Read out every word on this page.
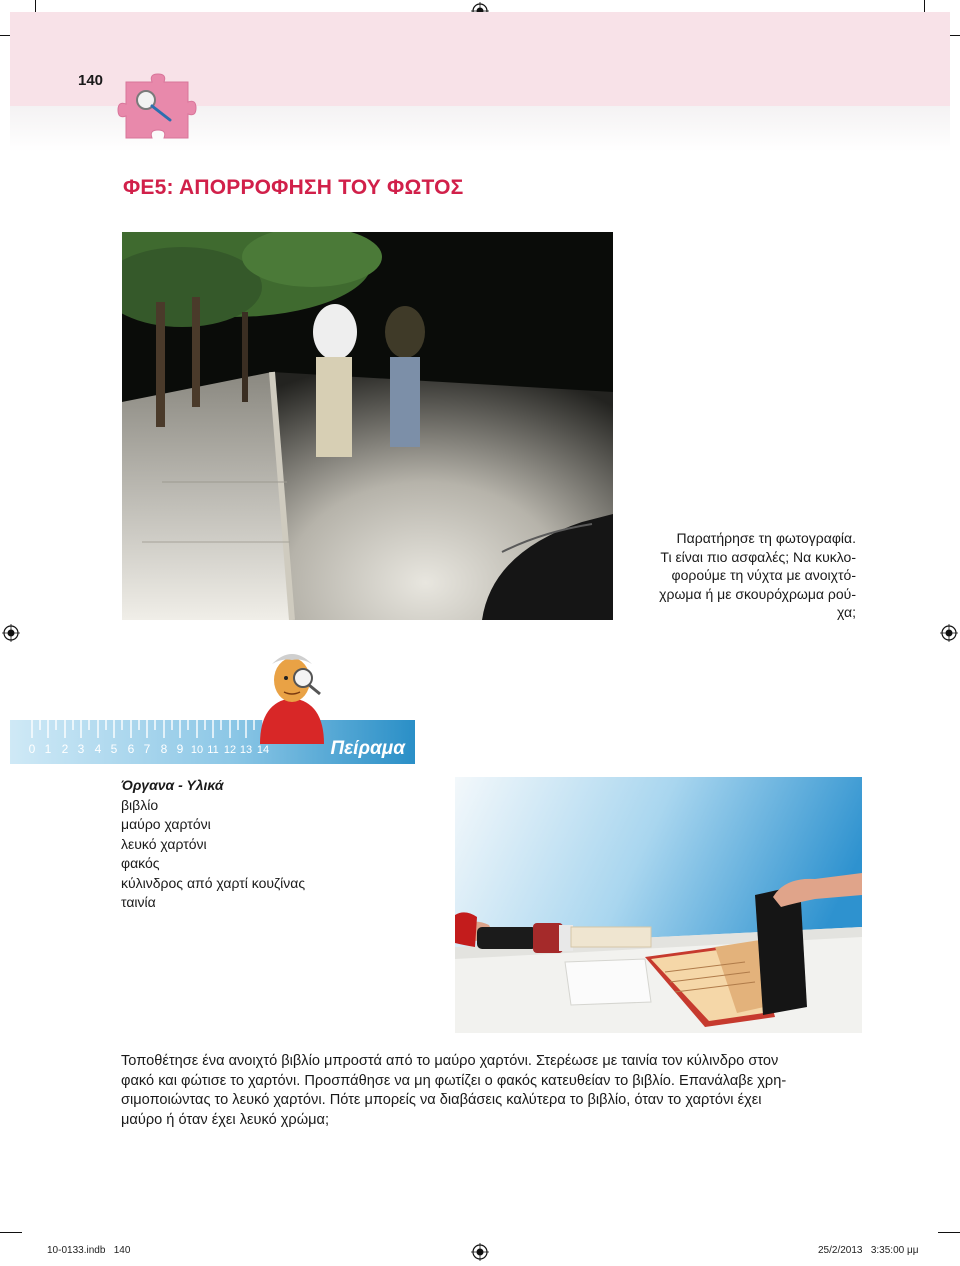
140
ΦΕ5: ΑΠΟΡΡΟΦΗΣΗ ΤΟΥ ΦΩΤΟΣ
Παρατήρησε τη φωτογραφία.
Τι είναι πιο ασφαλές; Να κυκλο-
φορούμε τη νύχτα με ανοιχτό-
χρωμα ή με σκουρόχρωμα ρού-
χα;
0 1 2 3 4 5 6 7 8 9 10 11 12 13 14	Πείραμα
Όργανα - Υλικά
βιβλίο
μαύρο χαρτόνι
λευκό χαρτόνι
φακός
κύλινδρος από χαρτί κουζίνας
ταινία
Τοποθέτησε ένα ανοιχτό βιβλίο μπροστά από το μαύρο χαρτόνι. Στερέωσε με ταινία τον κύλινδρο στον
φακό και φώτισε το χαρτόνι. Προσπάθησε να μη φωτίζει ο φακός κατευθείαν το βιβλίο. Επανάλαβε χρη-
σιμοποιώντας το λευκό χαρτόνι. Πότε μπορείς να διαβάσεις καλύτερα το βιβλίο, όταν το χαρτόνι έχει
μαύρο ή όταν έχει λευκό χρώμα;
10-0133.indb   140	25/2/2013   3:35:00 μμ
